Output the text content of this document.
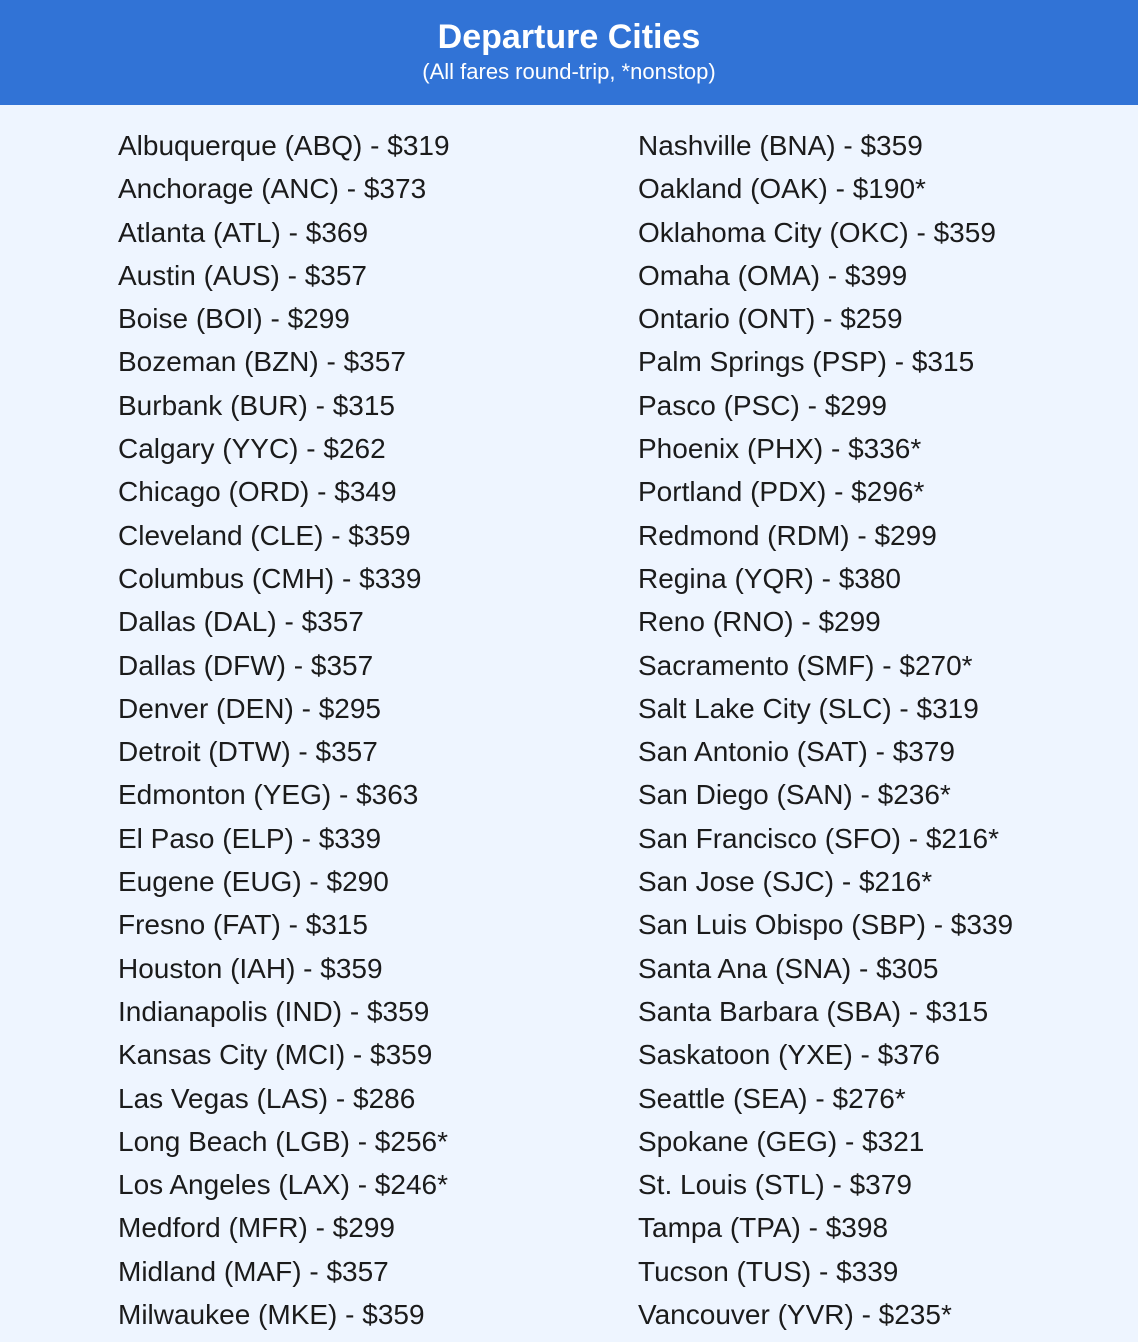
Departure Cities
(All fares round-trip, *nonstop)
Albuquerque (ABQ) - $319
Anchorage (ANC) - $373
Atlanta (ATL) - $369
Austin (AUS) - $357
Boise (BOI) - $299
Bozeman (BZN) - $357
Burbank (BUR) - $315
Calgary (YYC) - $262
Chicago (ORD) - $349
Cleveland (CLE) - $359
Columbus (CMH) - $339
Dallas (DAL) - $357
Dallas (DFW) - $357
Denver (DEN) - $295
Detroit (DTW) - $357
Edmonton (YEG) - $363
El Paso (ELP) - $339
Eugene (EUG) - $290
Fresno (FAT) - $315
Houston (IAH) - $359
Indianapolis (IND) - $359
Kansas City (MCI) - $359
Las Vegas (LAS) - $286
Long Beach (LGB) - $256*
Los Angeles (LAX) - $246*
Medford (MFR) - $299
Midland (MAF) - $357
Milwaukee (MKE) - $359
Nashville (BNA) - $359
Oakland (OAK) - $190*
Oklahoma City (OKC) - $359
Omaha (OMA) - $399
Ontario (ONT) - $259
Palm Springs (PSP) - $315
Pasco (PSC) - $299
Phoenix (PHX) - $336*
Portland (PDX) - $296*
Redmond (RDM) - $299
Regina (YQR) - $380
Reno (RNO) - $299
Sacramento (SMF) - $270*
Salt Lake City (SLC) - $319
San Antonio (SAT) - $379
San Diego (SAN) - $236*
San Francisco (SFO) - $216*
San Jose (SJC) - $216*
San Luis Obispo (SBP) - $339
Santa Ana (SNA) - $305
Santa Barbara (SBA) - $315
Saskatoon (YXE) - $376
Seattle (SEA) - $276*
Spokane (GEG) - $321
St. Louis (STL) - $379
Tampa (TPA) - $398
Tucson (TUS) - $339
Vancouver (YVR) - $235*
